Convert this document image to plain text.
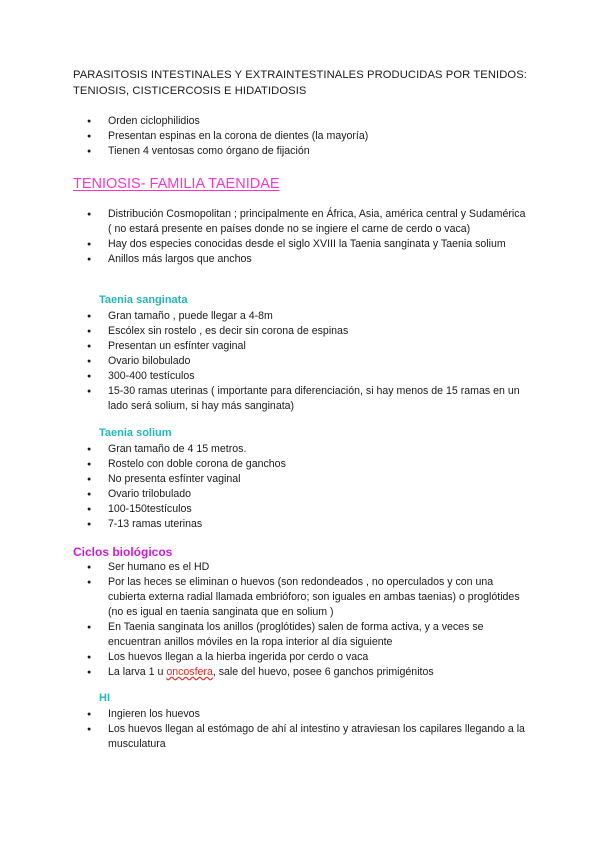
PARASITOSIS INTESTINALES Y EXTRAINTESTINALES PRODUCIDAS POR TENIDOS:
TENIOSIS, CISTICERCOSIS E HIDATIDOSIS
● Orden ciclophilidios
● Presentan espinas en la corona de dientes (la mayoría)
● Tienen 4 ventosas como órgano de fijación
TENIOSIS- FAMILIA TAENIDAE
● Distribución Cosmopolitan ; principalmente en África, Asia, américa central y Sudamérica ( no estará presente en países donde no se ingiere el carne de cerdo o vaca)
● Hay dos especies conocidas desde el siglo XVIII la Taenia sanginata y Taenia solium
● Anillos más largos que anchos
Taenia sanginata
● Gran tamaño , puede llegar a 4-8m
● Escólex sin rostelo , es decir sin corona de espinas
● Presentan un esfínter vaginal
● Ovario bilobulado
● 300-400 testículos
● 15-30 ramas uterinas ( importante para diferenciación, si hay menos de 15 ramas en un lado será solium, si hay más sanginata)
Taenia solium
● Gran tamaño de 4 15 metros.
● Rostelo con doble corona de ganchos
● No presenta esfínter vaginal
● Ovario trilobulado
● 100-150testículos
● 7-13 ramas uterinas
Ciclos biológicos
● Ser humano es el HD
● Por las heces se eliminan o huevos (son redondeados , no operculados y con una cubierta externa radial llamada embrióforo; son iguales en ambas taenias) o proglótides (no es igual en taenia sanginata que en solium )
● En Taenia sanginata los anillos (proglótides) salen de forma activa, y a veces se encuentran anillos móviles en la ropa interior al día siguiente
● Los huevos llegan a la hierba ingerida por cerdo o vaca
● La larva 1 u oncosfera, sale del huevo, posee 6 ganchos primigénitos
HI
● Ingieren los huevos
● Los huevos llegan al estómago de ahí al intestino y atraviesan los capilares llegando a la musculatura
